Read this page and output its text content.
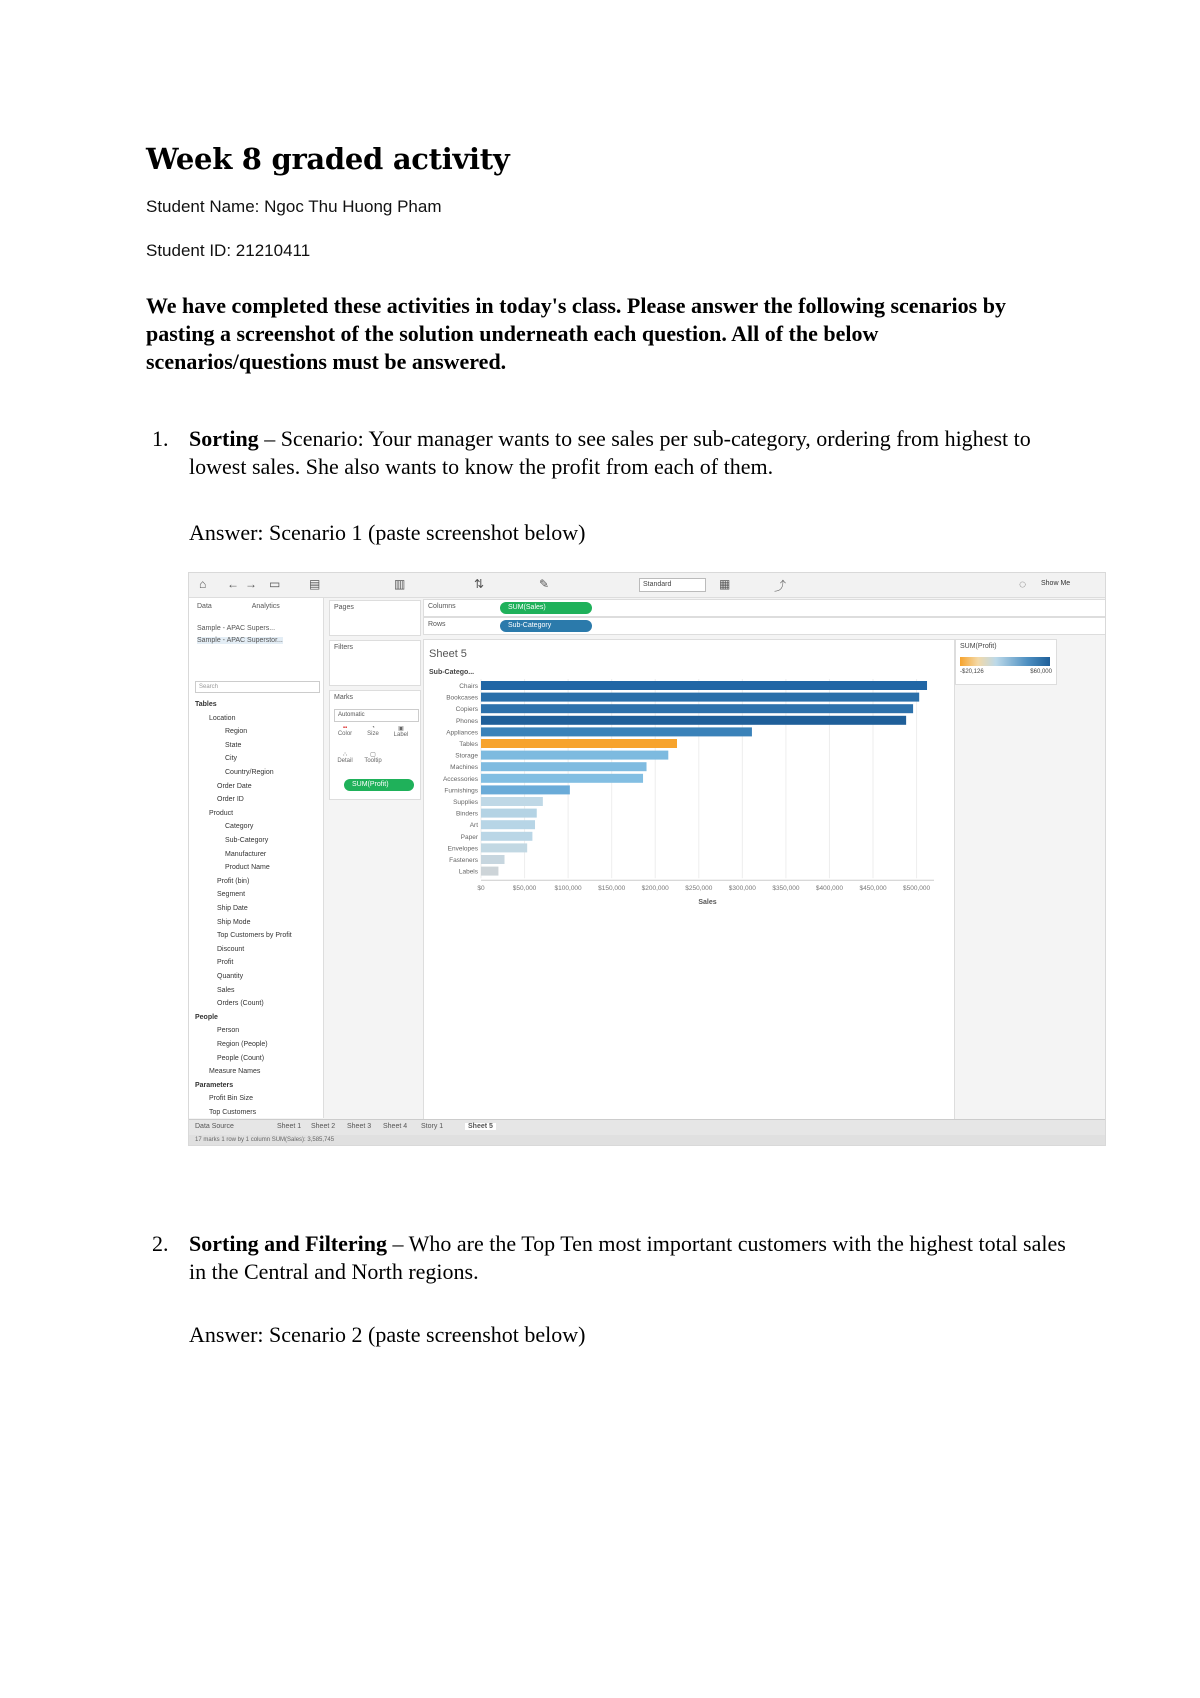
Week 8 graded activity
Student Name: Ngoc Thu Huong Pham
Student ID: 21210411

We have completed these activities in today's class. Please answer the following scenarios by pasting a screenshot of the solution underneath each question. All of the below scenarios/questions must be answered.

1. Sorting – Scenario: Your manager wants to see sales per sub-category, ordering from highest to lowest sales. She also wants to know the profit from each of them.
Answer: Scenario 1 (paste screenshot below)
⌂ ← → ▭ ▤	▥	⇅	✎	Standard	▦	⤴	◌ Show Me
Data	Analytics
Sample - APAC Supers...
Sample - APAC Superstor...
Search
Tables
Location
Region
State
City
Country/Region
Order Date
Order ID
Product
Category
Sub-Category
Manufacturer
Product Name
Profit (bin)
Segment
Ship Date
Ship Mode
Top Customers by Profit
Discount
Profit
Quantity
Sales
Orders (Count)
People
Person
Region (People)
People (Count)
Measure Names
Parameters
Profit Bin Size
Top Customers
Pages
Filters
Marks
Automatic
▪▪
Color
◔
Size
▣
Label
∴
Detail
▢
Tooltip
SUM(Profit)
Columns	SUM(Sales)
Rows	Sub-Category
Sheet 5
Sub-Catego...
Chairs
Bookcases
Copiers
Phones
Appliances
Tables
Storage
Machines
Accessories
Furnishings
Supplies
Binders
Art
Paper
Envelopes
Fasteners
Labels
$0	$50,000	$100,000	$150,000	$200,000	$250,000	$300,000	$350,000	$400,000	$450,000	$500,000
Sales
SUM(Profit)
-$20,126	$60,000
Data Source	Sheet 1 Sheet 2 Sheet 3 Sheet 4 Story 1	Sheet 5
17 marks 1 row by 1 column SUM(Sales): 3,585,745
2. Sorting and Filtering – Who are the Top Ten most important customers with the highest total sales in the Central and North regions.
Answer: Scenario 2 (paste screenshot below)
